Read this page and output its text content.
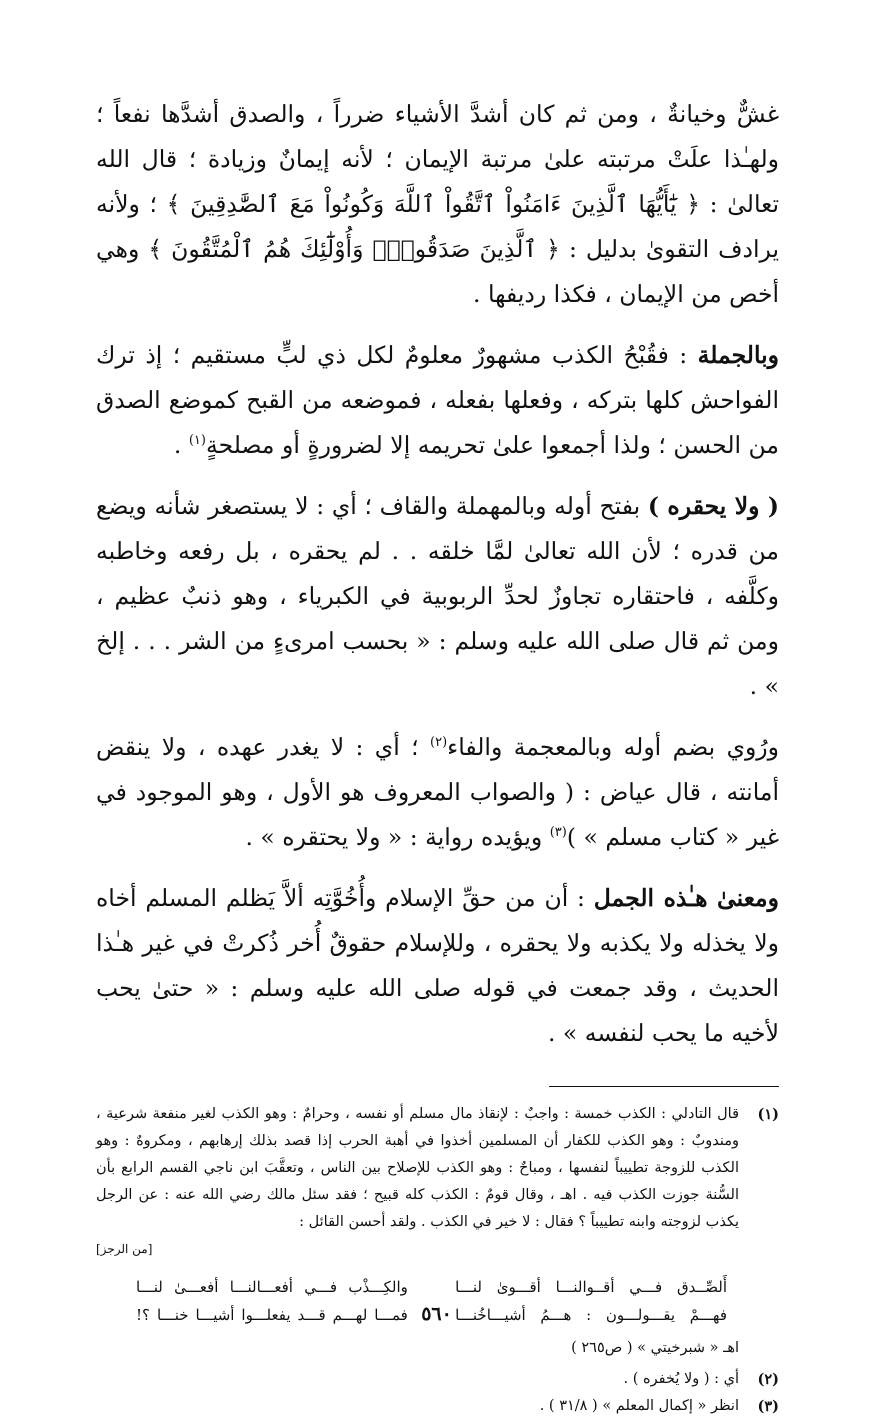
غشٌّ وخيانةٌ ، ومن ثم كان أشدَّ الأشياء ضرراً ، والصدق أشدَّها نفعاً ؛ ولهـٰذا علَتْ مرتبته علىٰ مرتبة الإيمان ؛ لأنه إيمانٌ وزيادة ؛ قال الله تعالىٰ : ﴿ يَٰٓأَيُّهَا ٱلَّذِينَ ءَامَنُواْ ٱتَّقُواْ ٱللَّهَ وَكُونُواْ مَعَ ٱلصَّٰدِقِينَ ﴾ ؛ ولأنه يرادف التقوىٰ بدليل : ﴿ ٱلَّذِينَ صَدَقُواْۖ وَأُوْلَٰٓئِكَ هُمُ ٱلْمُتَّقُونَ ﴾ وهي أخص من الإيمان ، فكذا رديفها .

وبالجملة : فقُبْحُ الكذب مشهورٌ معلومٌ لكل ذي لبٍّ مستقيم ؛ إذ ترك الفواحش كلها بتركه ، وفعلها بفعله ، فموضعه من القبح كموضع الصدق من الحسن ؛ ولذا أجمعوا علىٰ تحريمه إلا لضرورةٍ أو مصلحةٍ$^{(١)}$ .

( ولا يحقره ) بفتح أوله وبالمهملة والقاف ؛ أي : لا يستصغر شأنه ويضع من قدره ؛ لأن الله تعالىٰ لمَّا خلقه . . لم يحقره ، بل رفعه وخاطبه وكلَّفه ، فاحتقاره تجاوزٌ لحدِّ الربوبية في الكبرياء ، وهو ذنبٌ عظيم ، ومن ثم قال صلى الله عليه وسلم : « بحسب امرىءٍ من الشر . . . إلخ » .

ورُوي بضم أوله وبالمعجمة والفاء$^{(٢)}$ ؛ أي : لا يغدر عهده ، ولا ينقض أمانته ، قال عياض : ( والصواب المعروف هو الأول ، وهو الموجود في غير « كتاب مسلم » )$^{(٣)}$ ويؤيده رواية : « ولا يحتقره » .

ومعنىٰ هـٰذه الجمل : أن من حقِّ الإسلام وأُخُوَّتِه ألاَّ يَظلم المسلم أخاه ولا يخذله ولا يكذبه ولا يحقره ، وللإسلام حقوقٌ أُخر ذُكرتْ في غير هـٰذا الحديث ، وقد جمعت في قوله صلى الله عليه وسلم : « حتىٰ يحب لأخيه ما يحب لنفسه » .

(١)
قال التادلي : الكذب خمسة : واجبٌ : لإنقاذ مال مسلم أو نفسه ، وحرامٌ : وهو الكذب لغير منفعة شرعية ، ومندوبٌ : وهو الكذب للكفار أن المسلمين أخذوا في أهبة الحرب إذا قصد بذلك إرهابهم ، ومكروهٌ : وهو الكذب للزوجة تطييباً لنفسها ، ومباحٌ : وهو الكذب للإصلاح بين الناس ، وتعقَّبَ ابن ناجي القسم الرابع بأن السُّنة جوزت الكذب فيه . اهـ ، وقال قومٌ : الكذب كله قبيح ؛ فقد سئل مالك رضي الله عنه : عن الرجل يكذب لزوجته وابنه تطييباً ؟ فقال : لا خير في الكذب . ولقد أحسن القائل :
[من الرجز]
أَلصِّــدق فـــي أقــوالنـــا أقـــوىٰ لنـــا
والكِـــذْب فـــي أفعـــالنـــا أفعـــىٰ لنـــا
فهـــمْ يقـــولـــون : هـــمُ أشيـــاخُنـــا
فمـــا لهـــم قـــد يفعلـــوا أشيـــا خنـــا ؟!
اهـ « شبرخيتي » ( ص٢٦٥ )
(٢)
أي : ( ولا يُخفره ) .
(٣)
انظر « إكمال المعلم » ( ٣١/٨ ) .
٥٦٠
